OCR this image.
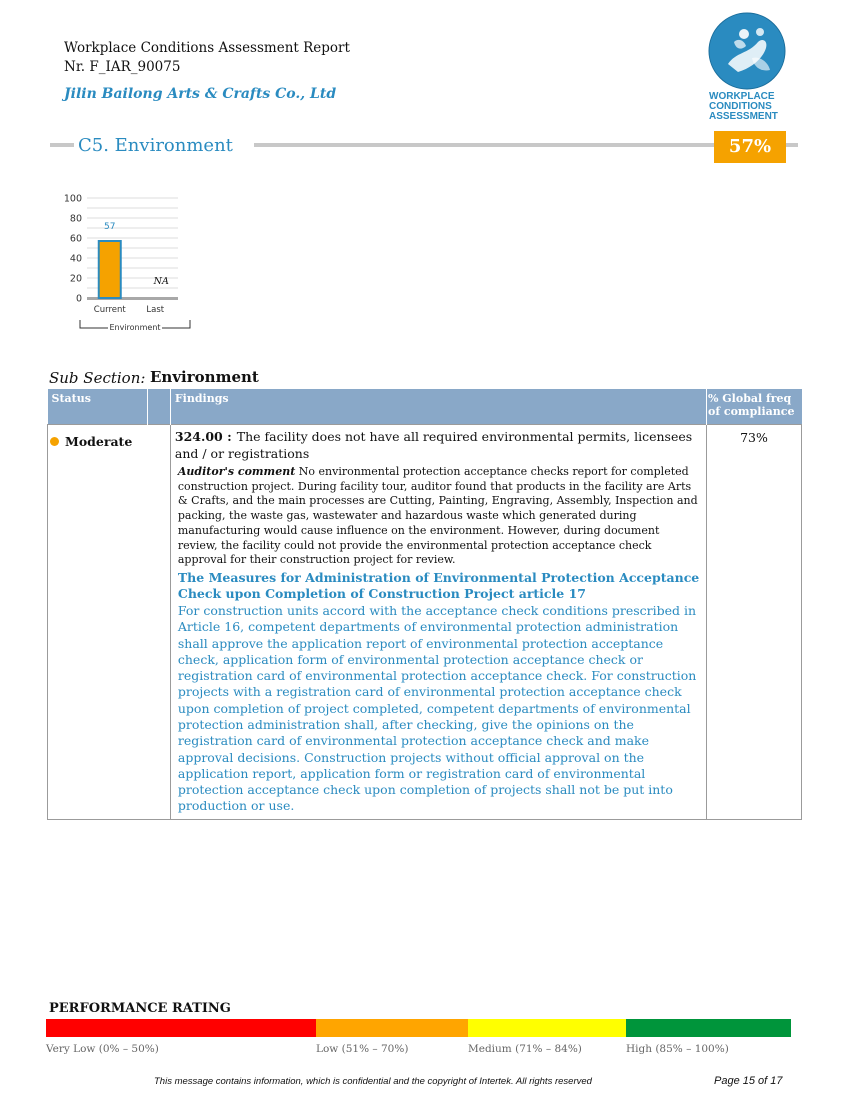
Workplace Conditions Assessment Report
Nr. F_IAR_90075
Jilin Bailong Arts & Crafts Co., Ltd	WORKPLACE
CONDITIONS
ASSESSMENT
C5. Environment	57%
0
20
40
60
80
100
57
Current
NA
Last
Environment
Sub Section: Environment
Status		Findings	% Global freq of compliance
Moderate		324.00 : The facility does not have all required environmental permits, licensees and / or registrations
Auditor's comment No environmental protection acceptance checks report for completed construction project. During facility tour, auditor found that products in the facility are Arts & Crafts, and the main processes are Cutting, Painting, Engraving, Assembly, Inspection and packing, the waste gas, wastewater and hazardous waste which generated during manufacturing would cause influence on the environment. However, during document review, the facility could not provide the environmental protection acceptance check approval for their construction project for review.
The Measures for Administration of Environmental Protection Acceptance Check upon Completion of Construction Project article 17
For construction units accord with the acceptance check conditions prescribed in Article 16, competent departments of environmental protection administration shall approve the application report of environmental protection acceptance check, application form of environmental protection acceptance check or registration card of environmental protection acceptance check. For construction projects with a registration card of environmental protection acceptance check upon completion of project completed, competent departments of environmental protection administration shall, after checking, give the opinions on the registration card of environmental protection acceptance check and make approval decisions. Construction projects without official approval on the application report, application form or registration card of environmental protection acceptance check upon completion of projects shall not be put into production or use.	73%
PERFORMANCE RATING
Very Low (0% – 50%)	Low (51% – 70%)	Medium (71% – 84%)	High (85% – 100%)
This message contains information, which is confidential and the copyright of Intertek. All rights reserved	Page 15 of 17
